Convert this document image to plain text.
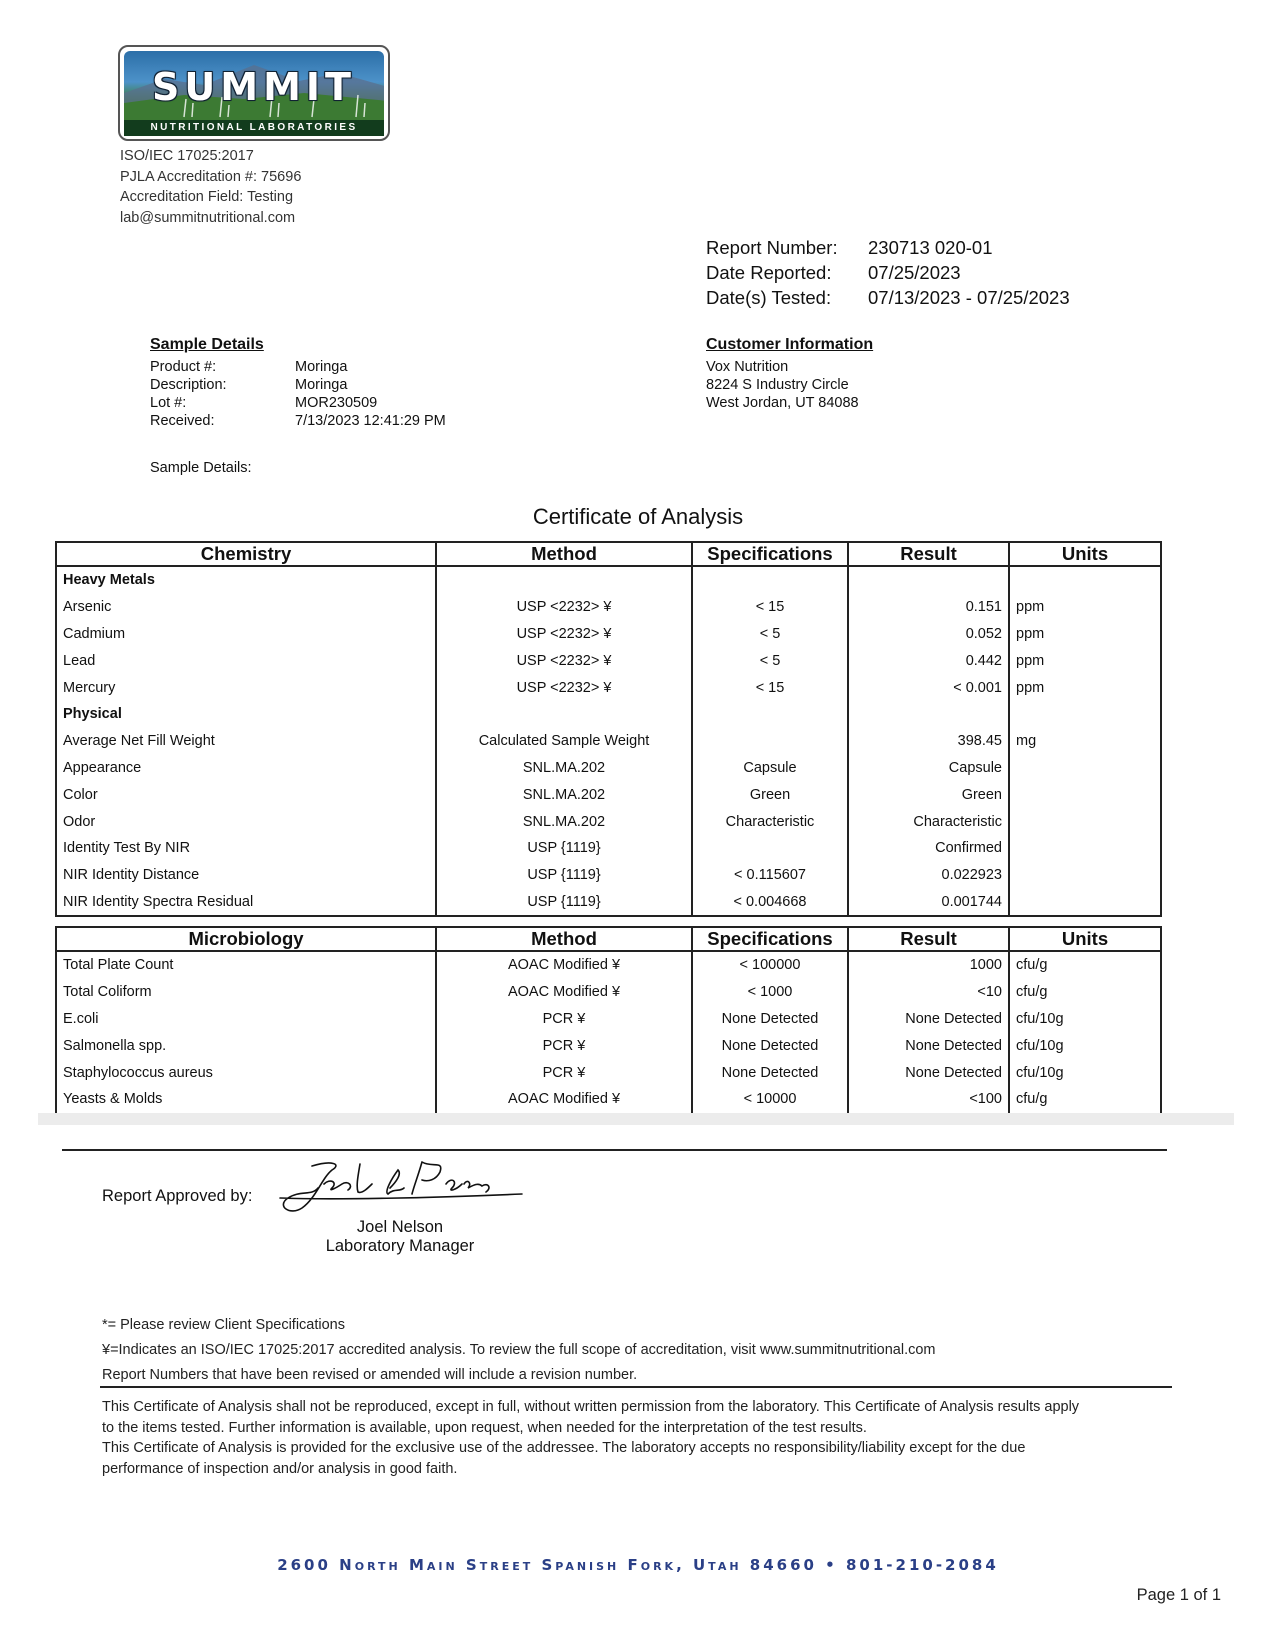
SUMMIT
NUTRITIONAL LABORATORIES
ISO/IEC 17025:2017
PJLA Accreditation #: 75696
Accreditation Field: Testing
lab@summitnutritional.com
Report Number:	230713 020-01
Date Reported:	07/25/2023
Date(s) Tested:	07/13/2023 - 07/25/2023
Sample Details
Product #:	Moringa
Description:	Moringa
Lot #:	MOR230509
Received:	7/13/2023 12:41:29 PM
Customer Information
Vox Nutrition
8224 S Industry Circle
West Jordan, UT 84088
Sample Details:
Certificate of Analysis
Chemistry	Method	Specifications	Result	Units
Heavy Metals				
Arsenic	USP <2232> ¥	< 15	0.151	ppm
Cadmium	USP <2232> ¥	< 5	0.052	ppm
Lead	USP <2232> ¥	< 5	0.442	ppm
Mercury	USP <2232> ¥	< 15	< 0.001	ppm
Physical				
Average Net Fill Weight	Calculated Sample Weight		398.45	mg
Appearance	SNL.MA.202	Capsule	Capsule	
Color	SNL.MA.202	Green	Green	
Odor	SNL.MA.202	Characteristic	Characteristic	
Identity Test By NIR	USP {1119}		Confirmed	
NIR Identity Distance	USP {1119}	< 0.115607	0.022923	
NIR Identity Spectra Residual	USP {1119}	< 0.004668	0.001744	
Microbiology	Method	Specifications	Result	Units
Total Plate Count	AOAC Modified ¥	< 100000	1000	cfu/g
Total Coliform	AOAC Modified ¥	< 1000	<10	cfu/g
E.coli	PCR ¥	None Detected	None Detected	cfu/10g
Salmonella spp.	PCR ¥	None Detected	None Detected	cfu/10g
Staphylococcus aureus	PCR ¥	None Detected	None Detected	cfu/10g
Yeasts & Molds	AOAC Modified ¥	< 10000	<100	cfu/g
Report Approved by:
Joel Nelson
Laboratory Manager
*= Please review Client Specifications
¥=Indicates an ISO/IEC 17025:2017 accredited analysis. To review the full scope of accreditation, visit www.summitnutritional.com
Report Numbers that have been revised or amended will include a revision number.
This Certificate of Analysis shall not be reproduced, except in full, without written permission from the laboratory. This Certificate of Analysis results apply
to the items tested. Further information is available, upon request, when needed for the interpretation of the test results.
This Certificate of Analysis is provided for the exclusive use of the addressee. The laboratory accepts no responsibility/liability except for the due
performance of inspection and/or analysis in good faith.
2600 North Main Street Spanish Fork, Utah 84660 • 801-210-2084
Page 1 of 1
